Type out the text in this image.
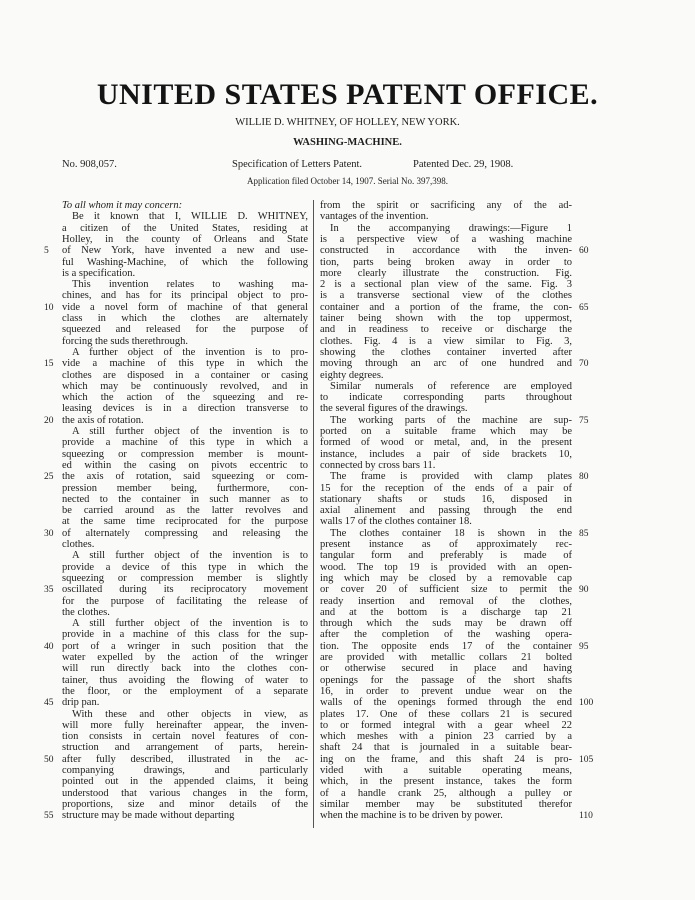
UNITED STATES PATENT OFFICE.
WILLIE D. WHITNEY, OF HOLLEY, NEW YORK.
WASHING-MACHINE.
No. 908,057.	Specification of Letters Patent.	Patented Dec. 29, 1908.
Application filed October 14, 1907. Serial No. 397,398.
To all whom it may concern:
Be it known that I, WILLIE D. WHITNEY,
a citizen of the United States, residing at
Holley, in the county of Orleans and State
of New York, have invented a new and use-
ful Washing-Machine, of which the following
is a specification.
This invention relates to washing ma-
chines, and has for its principal object to pro-
vide a novel form of machine of that general
class in which the clothes are alternately
squeezed and released for the purpose of
forcing the suds therethrough.
A further object of the invention is to pro-
vide a machine of this type in which the
clothes are disposed in a container or casing
which may be continuously revolved, and in
which the action of the squeezing and re-
leasing devices is in a direction transverse to
the axis of rotation.
A still further object of the invention is to
provide a machine of this type in which a
squeezing or compression member is mount-
ed within the casing on pivots eccentric to
the axis of rotation, said squeezing or com-
pression member being, furthermore, con-
nected to the container in such manner as to
be carried around as the latter revolves and
at the same time reciprocated for the purpose
of alternately compressing and releasing the
clothes.
A still further object of the invention is to
provide a device of this type in which the
squeezing or compression member is slightly
oscillated during its reciprocatory movement
for the purpose of facilitating the release of
the clothes.
A still further object of the invention is to
provide in a machine of this class for the sup-
port of a wringer in such position that the
water expelled by the action of the wringer
will run directly back into the clothes con-
tainer, thus avoiding the flowing of water to
the floor, or the employment of a separate
drip pan.
With these and other objects in view, as
will more fully hereinafter appear, the inven-
tion consists in certain novel features of con-
struction and arrangement of parts, herein-
after fully described, illustrated in the ac-
companying drawings, and particularly
pointed out in the appended claims, it being
understood that various changes in the form,
proportions, size and minor details of the
structure may be made without departing
from the spirit or sacrificing any of the ad-
vantages of the invention.
In the accompanying drawings:—Figure 1
is a perspective view of a washing machine
constructed in accordance with the inven-
tion, parts being broken away in order to
more clearly illustrate the construction. Fig.
2 is a sectional plan view of the same. Fig. 3
is a transverse sectional view of the clothes
container and a portion of the frame, the con-
tainer being shown with the top uppermost,
and in readiness to receive or discharge the
clothes. Fig. 4 is a view similar to Fig. 3,
showing the clothes container inverted after
moving through an arc of one hundred and
eighty degrees.
Similar numerals of reference are employed
to indicate corresponding parts throughout
the several figures of the drawings.
The working parts of the machine are sup-
ported on a suitable frame which may be
formed of wood or metal, and, in the present
instance, includes a pair of side brackets 10,
connected by cross bars 11.
The frame is provided with clamp plates
15 for the reception of the ends of a pair of
stationary shafts or studs 16, disposed in
axial alinement and passing through the end
walls 17 of the clothes container 18.
The clothes container 18 is shown in the
present instance as of approximately rec-
tangular form and preferably is made of
wood. The top 19 is provided with an open-
ing which may be closed by a removable cap
or cover 20 of sufficient size to permit the
ready insertion and removal of the clothes,
and at the bottom is a discharge tap 21
through which the suds may be drawn off
after the completion of the washing opera-
tion. The opposite ends 17 of the container
are provided with metallic collars 21 bolted
or otherwise secured in place and having
openings for the passage of the short shafts
16, in order to prevent undue wear on the
walls of the openings formed through the end
plates 17. One of these collars 21 is secured
to or formed integral with a gear wheel 22
which meshes with a pinion 23 carried by a
shaft 24 that is journaled in a suitable bear-
ing on the frame, and this shaft 24 is pro-
vided with a suitable operating means,
which, in the present instance, takes the form
of a handle crank 25, although a pulley or
similar member may be substituted therefor
when the machine is to be driven by power.
5
10
15
20
25
30
35
40
45
50
55
60
65
70
75
80
85
90
95
100
105
110
